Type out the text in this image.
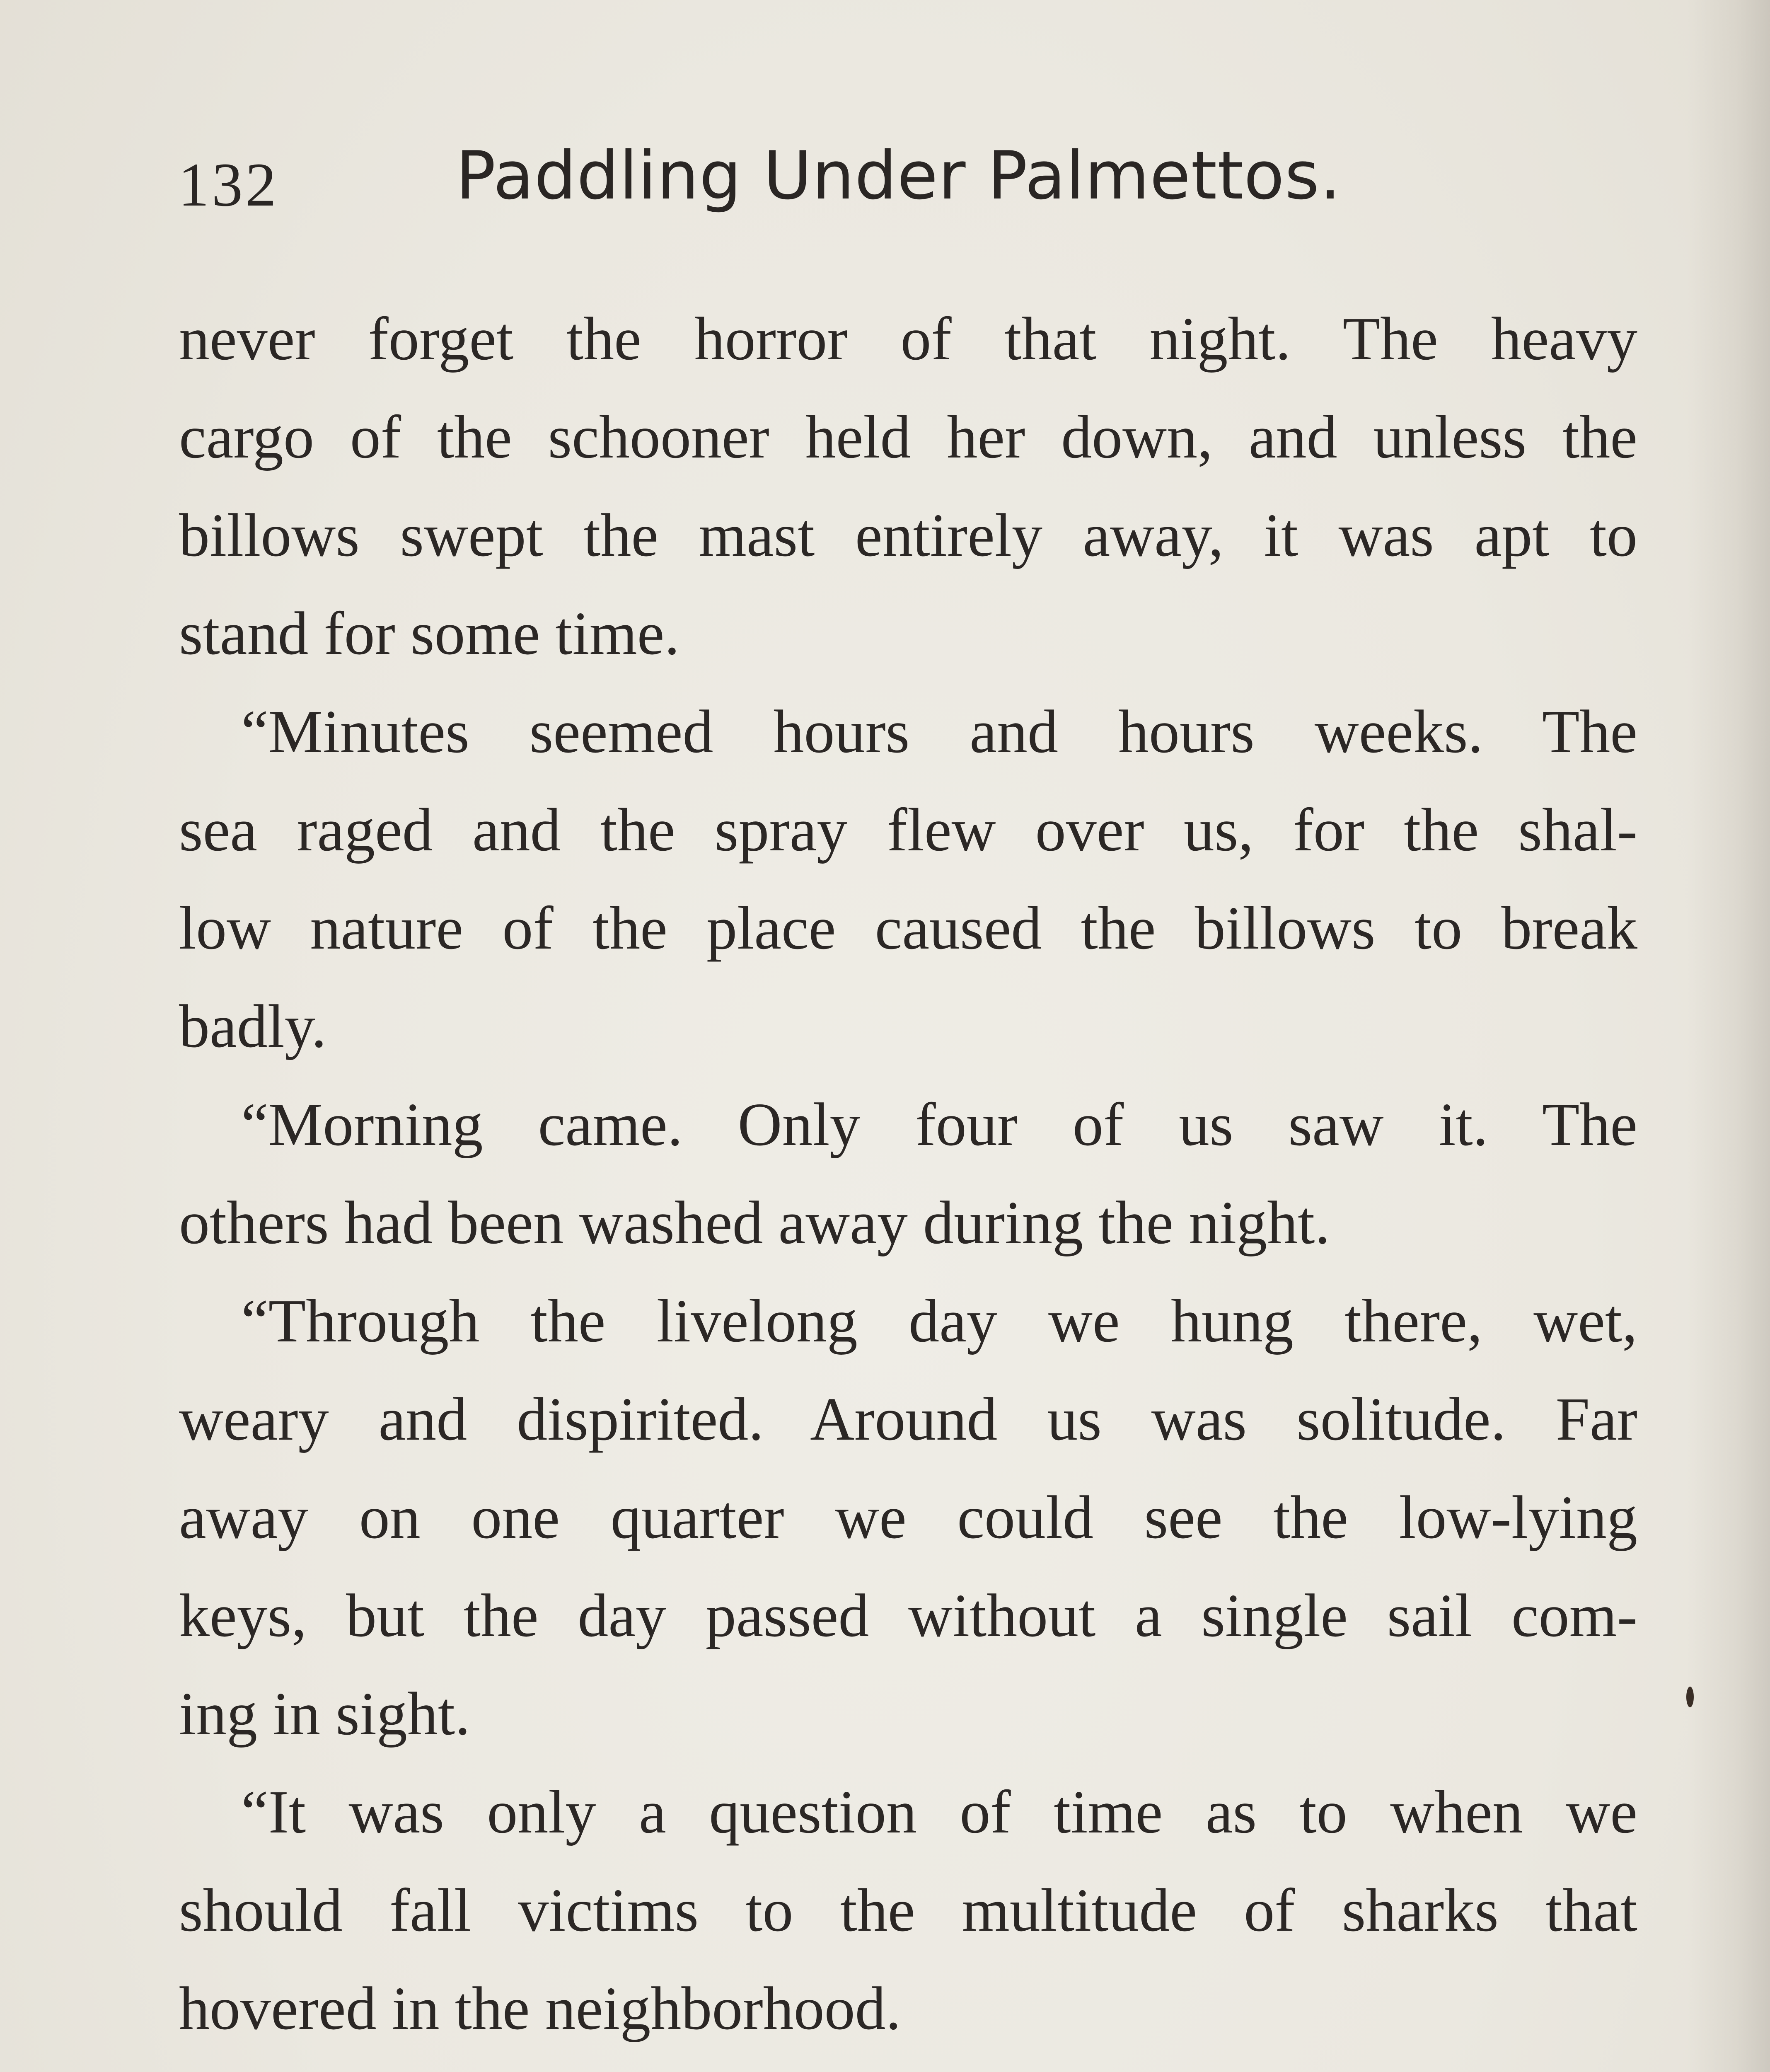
132	Paddling Under Palmettos.
never forget the horror of that night. The heavy
cargo of the schooner held her down, and unless the
billows swept the mast entirely away, it was apt to
stand for some time.
“Minutes seemed hours and hours weeks. The
sea raged and the spray flew over us, for the shal-
low nature of the place caused the billows to break
badly.
“Morning came. Only four of us saw it. The
others had been washed away during the night.
“Through the livelong day we hung there, wet,
weary and dispirited. Around us was solitude. Far
away on one quarter we could see the low-lying
keys, but the day passed without a single sail com-
ing in sight.
“It was only a question of time as to when we
should fall victims to the multitude of sharks that
hovered in the neighborhood.
